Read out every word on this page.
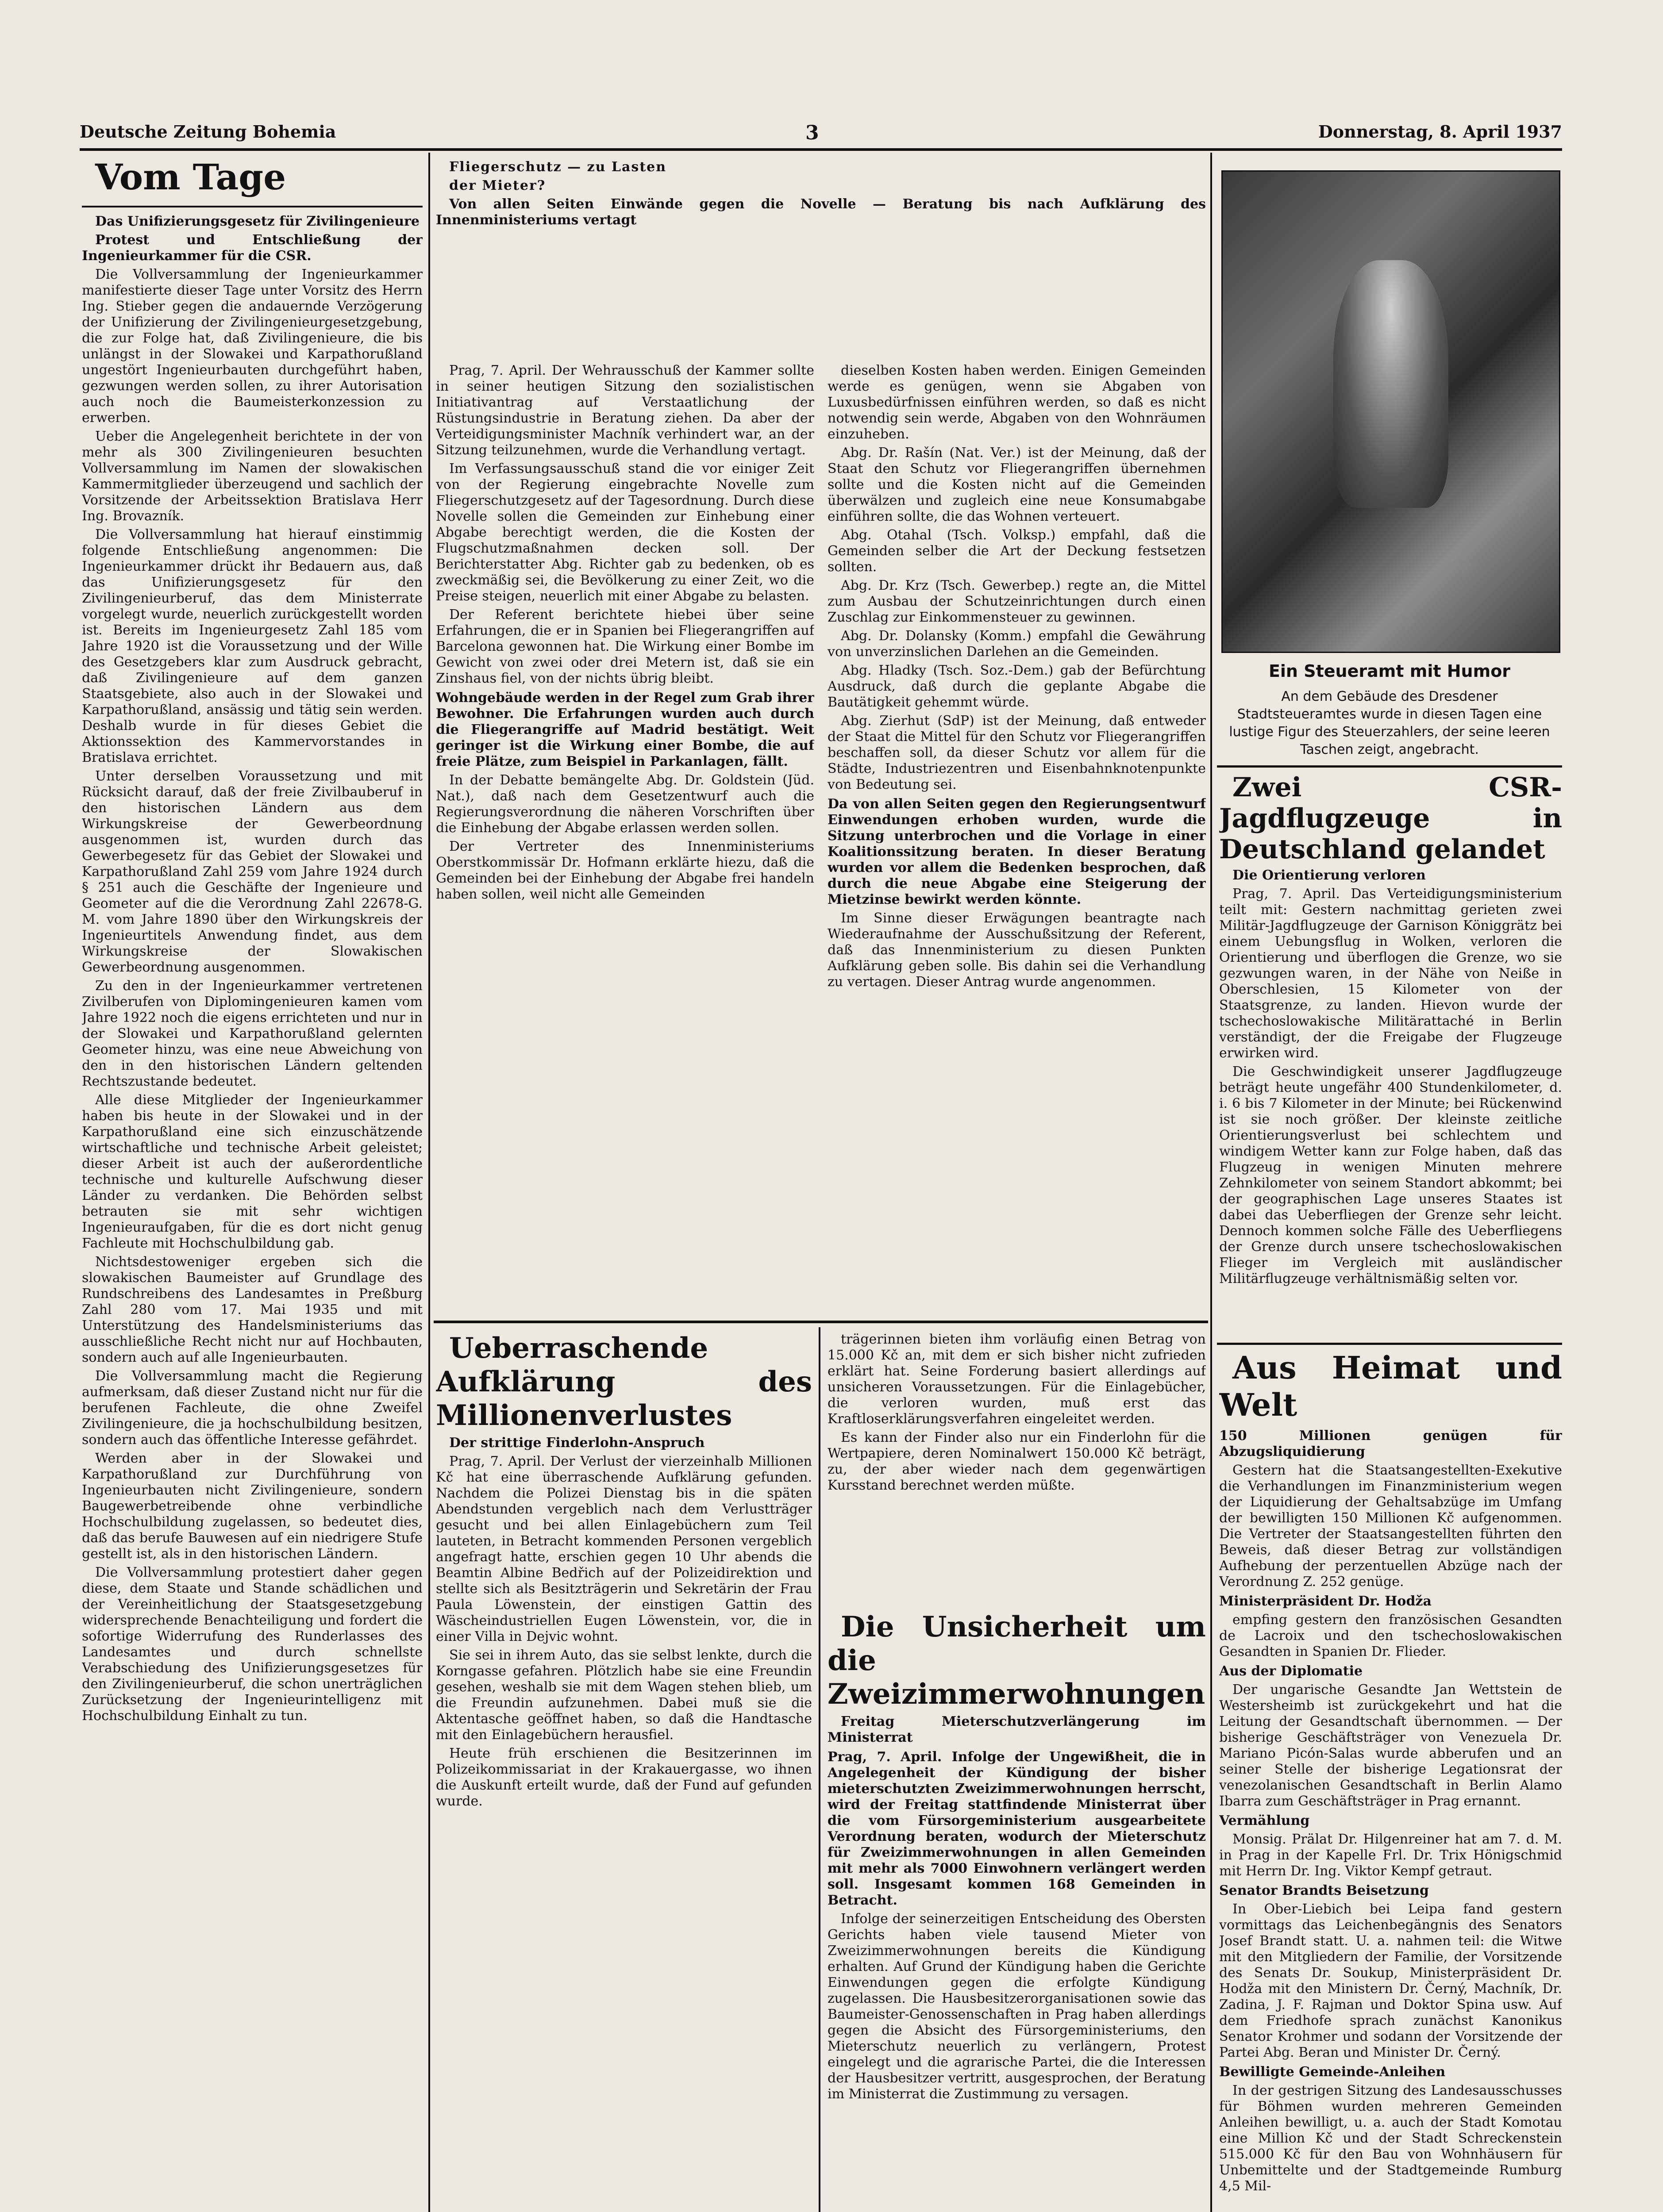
Deutsche Zeitung Bohemia	3	Donnerstag, 8. April 1937

Vom Tage

Das Unifizierungsgesetz für Zivilingenieure

Protest und Entschließung der Ingenieurkammer für die CSR.

Die Vollversammlung der Ingenieurkammer manifestierte dieser Tage unter Vorsitz des Herrn Ing. Stieber gegen die andauernde Verzögerung der Unifizierung der Zivilingenieurgesetzgebung, die zur Folge hat, daß Zivilingenieure, die bis unlängst in der Slowakei und Karpathorußland ungestört Ingenieurbauten durchgeführt haben, gezwungen werden sollen, zu ihrer Autorisation auch noch die Baumeisterkonzession zu erwerben.

Ueber die Angelegenheit berichtete in der von mehr als 300 Zivilingenieuren besuchten Vollversammlung im Namen der slowakischen Kammermitglieder überzeugend und sachlich der Vorsitzende der Arbeitssektion Bratislava Herr Ing. Brovazník.

Die Vollversammlung hat hierauf einstimmig folgende Entschließung angenommen: Die Ingenieurkammer drückt ihr Bedauern aus, daß das Unifizierungsgesetz für den Zivilingenieurberuf, das dem Ministerrate vorgelegt wurde, neuerlich zurückgestellt worden ist. Bereits im Ingenieurgesetz Zahl 185 vom Jahre 1920 ist die Voraussetzung und der Wille des Gesetzgebers klar zum Ausdruck gebracht, daß Zivilingenieure auf dem ganzen Staatsgebiete, also auch in der Slowakei und Karpathorußland, ansässig und tätig sein werden. Deshalb wurde in für dieses Gebiet die Aktionssektion des Kammervorstandes in Bratislava errichtet.

Unter derselben Voraussetzung und mit Rücksicht darauf, daß der freie Zivilbauberuf in den historischen Ländern aus dem Wirkungskreise der Gewerbeordnung ausgenommen ist, wurden durch das Gewerbegesetz für das Gebiet der Slowakei und Karpathorußland Zahl 259 vom Jahre 1924 durch § 251 auch die Geschäfte der Ingenieure und Geometer auf die die Verordnung Zahl 22678-G. M. vom Jahre 1890 über den Wirkungskreis der Ingenieurtitels Anwendung findet, aus dem Wirkungskreise der Slowakischen Gewerbeordnung ausgenommen.

Zu den in der Ingenieurkammer vertretenen Zivilberufen von Diplomingenieuren kamen vom Jahre 1922 noch die eigens errichteten und nur in der Slowakei und Karpathorußland gelernten Geometer hinzu, was eine neue Abweichung von den in den historischen Ländern geltenden Rechtszustande bedeutet.

Alle diese Mitglieder der Ingenieurkammer haben bis heute in der Slowakei und in der Karpathorußland eine sich einzuschätzende wirtschaftliche und technische Arbeit geleistet; dieser Arbeit ist auch der außerordentliche technische und kulturelle Aufschwung dieser Länder zu verdanken. Die Behörden selbst betrauten sie mit sehr wichtigen Ingenieuraufgaben, für die es dort nicht genug Fachleute mit Hochschulbildung gab.

Nichtsdestoweniger ergeben sich die slowakischen Baumeister auf Grundlage des Rundschreibens des Landesamtes in Preßburg Zahl 280 vom 17. Mai 1935 und mit Unterstützung des Handelsministeriums das ausschließliche Recht nicht nur auf Hochbauten, sondern auch auf alle Ingenieurbauten.

Die Vollversammlung macht die Regierung aufmerksam, daß dieser Zustand nicht nur für die berufenen Fachleute, die ohne Zweifel Zivilingenieure, die ja hochschulbildung besitzen, sondern auch das öffentliche Interesse gefährdet.

Werden aber in der Slowakei und Karpathorußland zur Durchführung von Ingenieurbauten nicht Zivilingenieure, sondern Baugewerbetreibende ohne verbindliche Hochschulbildung zugelassen, so bedeutet dies, daß das berufe Bauwesen auf ein niedrigere Stufe gestellt ist, als in den historischen Ländern.

Die Vollversammlung protestiert daher gegen diese, dem Staate und Stande schädlichen und der Vereinheitlichung der Staatsgesetzgebung widersprechende Benachteiligung und fordert die sofortige Widerrufung des Runderlasses des Landesamtes und durch schnellste Verabschiedung des Unifizierungsgesetzes für den Zivilingenieurberuf, die schon unerträglichen Zurücksetzung der Ingenieurintelligenz mit Hochschulbildung Einhalt zu tun.

Fliegerschutz — zu Lasten

der Mieter?

Von allen Seiten Einwände gegen die Novelle — Beratung bis nach Aufklärung des Innenministeriums vertagt

Prag, 7. April. Der Wehrausschuß der Kammer sollte in seiner heutigen Sitzung den sozialistischen Initiativantrag auf Verstaatlichung der Rüstungsindustrie in Beratung ziehen. Da aber der Verteidigungsminister Machník verhindert war, an der Sitzung teilzunehmen, wurde die Verhandlung vertagt.

Im Verfassungsausschuß stand die vor einiger Zeit von der Regierung eingebrachte Novelle zum Fliegerschutzgesetz auf der Tagesordnung. Durch diese Novelle sollen die Gemeinden zur Einhebung einer Abgabe berechtigt werden, die die Kosten der Flugschutzmaßnahmen decken soll. Der Berichterstatter Abg. Richter gab zu bedenken, ob es zweckmäßig sei, die Bevölkerung zu einer Zeit, wo die Preise steigen, neuerlich mit einer Abgabe zu belasten.

Der Referent berichtete hiebei über seine Erfahrungen, die er in Spanien bei Fliegerangriffen auf Barcelona gewonnen hat. Die Wirkung einer Bombe im Gewicht von zwei oder drei Metern ist, daß sie ein Zinshaus fiel, von der nichts übrig bleibt.

Wohngebäude werden in der Regel zum Grab ihrer Bewohner. Die Erfahrungen wurden auch durch die Fliegerangriffe auf Madrid bestätigt. Weit geringer ist die Wirkung einer Bombe, die auf freie Plätze, zum Beispiel in Parkanlagen, fällt.

In der Debatte bemängelte Abg. Dr. Goldstein (Jüd. Nat.), daß nach dem Gesetzentwurf auch die Regierungsverordnung die näheren Vorschriften über die Einhebung der Abgabe erlassen werden sollen.

Der Vertreter des Innenministeriums Oberstkommissär Dr. Hofmann erklärte hiezu, daß die Gemeinden bei der Einhebung der Abgabe frei handeln haben sollen, weil nicht alle Gemeinden

dieselben Kosten haben werden. Einigen Gemeinden werde es genügen, wenn sie Abgaben von Luxusbedürfnissen einführen werden, so daß es nicht notwendig sein werde, Abgaben von den Wohnräumen einzuheben.

Abg. Dr. Rašín (Nat. Ver.) ist der Meinung, daß der Staat den Schutz vor Fliegerangriffen übernehmen sollte und die Kosten nicht auf die Gemeinden überwälzen und zugleich eine neue Konsumabgabe einführen sollte, die das Wohnen verteuert.

Abg. Otahal (Tsch. Volksp.) empfahl, daß die Gemeinden selber die Art der Deckung festsetzen sollten.

Abg. Dr. Krz (Tsch. Gewerbep.) regte an, die Mittel zum Ausbau der Schutzeinrichtungen durch einen Zuschlag zur Einkommensteuer zu gewinnen.

Abg. Dr. Dolansky (Komm.) empfahl die Gewährung von unverzinslichen Darlehen an die Gemeinden.

Abg. Hladky (Tsch. Soz.-Dem.) gab der Befürchtung Ausdruck, daß durch die geplante Abgabe die Bautätigkeit gehemmt würde.

Abg. Zierhut (SdP) ist der Meinung, daß entweder der Staat die Mittel für den Schutz vor Fliegerangriffen beschaffen soll, da dieser Schutz vor allem für die Städte, Industriezentren und Eisenbahnknotenpunkte von Bedeutung sei.

Da von allen Seiten gegen den Regierungsentwurf Einwendungen erhoben wurden, wurde die Sitzung unterbrochen und die Vorlage in einer Koalitionssitzung beraten. In dieser Beratung wurden vor allem die Bedenken besprochen, daß durch die neue Abgabe eine Steigerung der Mietzinse bewirkt werden könnte.

Im Sinne dieser Erwägungen beantragte nach Wiederaufnahme der Ausschußsitzung der Referent, daß das Innenministerium zu diesen Punkten Aufklärung geben solle. Bis dahin sei die Verhandlung zu vertagen. Dieser Antrag wurde angenommen.

Ueberraschende Aufklärung des Millionenverlustes

Der strittige Finderlohn-Anspruch

Prag, 7. April. Der Verlust der vierzeinhalb Millionen Kč hat eine überraschende Aufklärung gefunden. Nachdem die Polizei Dienstag bis in die späten Abendstunden vergeblich nach dem Verlustträger gesucht und bei allen Einlagebüchern zum Teil lauteten, in Betracht kommenden Personen vergeblich angefragt hatte, erschien gegen 10 Uhr abends die Beamtin Albine Bedřich auf der Polizeidirektion und stellte sich als Besitzträgerin und Sekretärin der Frau Paula Löwenstein, der einstigen Gattin des Wäscheindustriellen Eugen Löwenstein, vor, die in einer Villa in Dejvic wohnt.

Sie sei in ihrem Auto, das sie selbst lenkte, durch die Korngasse gefahren. Plötzlich habe sie eine Freundin gesehen, weshalb sie mit dem Wagen stehen blieb, um die Freundin aufzunehmen. Dabei muß sie die Aktentasche geöffnet haben, so daß die Handtasche mit den Einlagebüchern herausfiel.

Heute früh erschienen die Besitzerinnen im Polizeikommissariat in der Krakauergasse, wo ihnen die Auskunft erteilt wurde, daß der Fund auf gefunden wurde.

trägerinnen bieten ihm vorläufig einen Betrag von 15.000 Kč an, mit dem er sich bisher nicht zufrieden erklärt hat. Seine Forderung basiert allerdings auf unsicheren Voraussetzungen. Für die Einlagebücher, die verloren wurden, muß erst das Kraftloserklärungsverfahren eingeleitet werden.

Es kann der Finder also nur ein Finderlohn für die Wertpapiere, deren Nominalwert 150.000 Kč beträgt, zu, der aber wieder nach dem gegenwärtigen Kursstand berechnet werden müßte.

Die Unsicherheit um die Zweizimmerwohnungen

Freitag Mieterschutzverlängerung im Ministerrat

Prag, 7. April. Infolge der Ungewißheit, die in Angelegenheit der Kündigung der bisher mieterschutzten Zweizimmerwohnungen herrscht, wird der Freitag stattfindende Ministerrat über die vom Fürsorgeministerium ausgearbeitete Verordnung beraten, wodurch der Mieterschutz für Zweizimmerwohnungen in allen Gemeinden mit mehr als 7000 Einwohnern verlängert werden soll. Insgesamt kommen 168 Gemeinden in Betracht.

Infolge der seinerzeitigen Entscheidung des Obersten Gerichts haben viele tausend Mieter von Zweizimmerwohnungen bereits die Kündigung erhalten. Auf Grund der Kündigung haben die Gerichte Einwendungen gegen die erfolgte Kündigung zugelassen. Die Hausbesitzerorganisationen sowie das Baumeister-Genossenschaften in Prag haben allerdings gegen die Absicht des Fürsorgeministeriums, den Mieterschutz neuerlich zu verlängern, Protest eingelegt und die agrarische Partei, die die Interessen der Hausbesitzer vertritt, ausgesprochen, der Beratung im Ministerrat die Zustimmung zu versagen.

Ein Steueramt mit Humor
An dem Gebäude des Dresdener Stadtsteueramtes wurde in diesen Tagen eine lustige Figur des Steuerzahlers, der seine leeren Taschen zeigt, angebracht.

Zwei CSR-Jagdflugzeuge in Deutschland gelandet

Die Orientierung verloren

Prag, 7. April. Das Verteidigungsministerium teilt mit: Gestern nachmittag gerieten zwei Militär-Jagdflugzeuge der Garnison Königgrätz bei einem Uebungsflug in Wolken, verloren die Orientierung und überflogen die Grenze, wo sie gezwungen waren, in der Nähe von Neiße in Oberschlesien, 15 Kilometer von der Staatsgrenze, zu landen. Hievon wurde der tschechoslowakische Militärattaché in Berlin verständigt, der die Freigabe der Flugzeuge erwirken wird.

Die Geschwindigkeit unserer Jagdflugzeuge beträgt heute ungefähr 400 Stundenkilometer, d. i. 6 bis 7 Kilometer in der Minute; bei Rückenwind ist sie noch größer. Der kleinste zeitliche Orientierungsverlust bei schlechtem und windigem Wetter kann zur Folge haben, daß das Flugzeug in wenigen Minuten mehrere Zehnkilometer von seinem Standort abkommt; bei der geographischen Lage unseres Staates ist dabei das Ueberfliegen der Grenze sehr leicht. Dennoch kommen solche Fälle des Ueberfliegens der Grenze durch unsere tschechoslowakischen Flieger im Vergleich mit ausländischer Militärflugzeuge verhältnismäßig selten vor.

Aus Heimat und Welt

150 Millionen genügen für Abzugsliquidierung

Gestern hat die Staatsangestellten-Exekutive die Verhandlungen im Finanzministerium wegen der Liquidierung der Gehaltsabzüge im Umfang der bewilligten 150 Millionen Kč aufgenommen. Die Vertreter der Staatsangestellten führten den Beweis, daß dieser Betrag zur vollständigen Aufhebung der perzentuellen Abzüge nach der Verordnung Z. 252 genüge.

Ministerpräsident Dr. Hodža

empfing gestern den französischen Gesandten de Lacroix und den tschechoslowakischen Gesandten in Spanien Dr. Flieder.

Aus der Diplomatie

Der ungarische Gesandte Jan Wettstein de Westersheimb ist zurückgekehrt und hat die Leitung der Gesandtschaft übernommen. — Der bisherige Geschäftsträger von Venezuela Dr. Mariano Picón-Salas wurde abberufen und an seiner Stelle der bisherige Legationsrat der venezolanischen Gesandtschaft in Berlin Alamo Ibarra zum Geschäftsträger in Prag ernannt.

Vermählung

Monsig. Prälat Dr. Hilgenreiner hat am 7. d. M. in Prag in der Kapelle Frl. Dr. Trix Hönigschmid mit Herrn Dr. Ing. Viktor Kempf getraut.

Senator Brandts Beisetzung

In Ober-Liebich bei Leipa fand gestern vormittags das Leichenbegängnis des Senators Josef Brandt statt. U. a. nahmen teil: die Witwe mit den Mitgliedern der Familie, der Vorsitzende des Senats Dr. Soukup, Ministerpräsident Dr. Hodža mit den Ministern Dr. Černý, Machník, Dr. Zadina, J. F. Rajman und Doktor Spina usw. Auf dem Friedhofe sprach zunächst Kanonikus Senator Krohmer und sodann der Vorsitzende der Partei Abg. Beran und Minister Dr. Černý.

Bewilligte Gemeinde-Anleihen

In der gestrigen Sitzung des Landesausschusses für Böhmen wurden mehreren Gemeinden Anleihen bewilligt, u. a. auch der Stadt Komotau eine Million Kč und der Stadt Schreckenstein 515.000 Kč für den Bau von Wohnhäusern für Unbemittelte und der Stadtgemeinde Rumburg 4,5 Mil-
